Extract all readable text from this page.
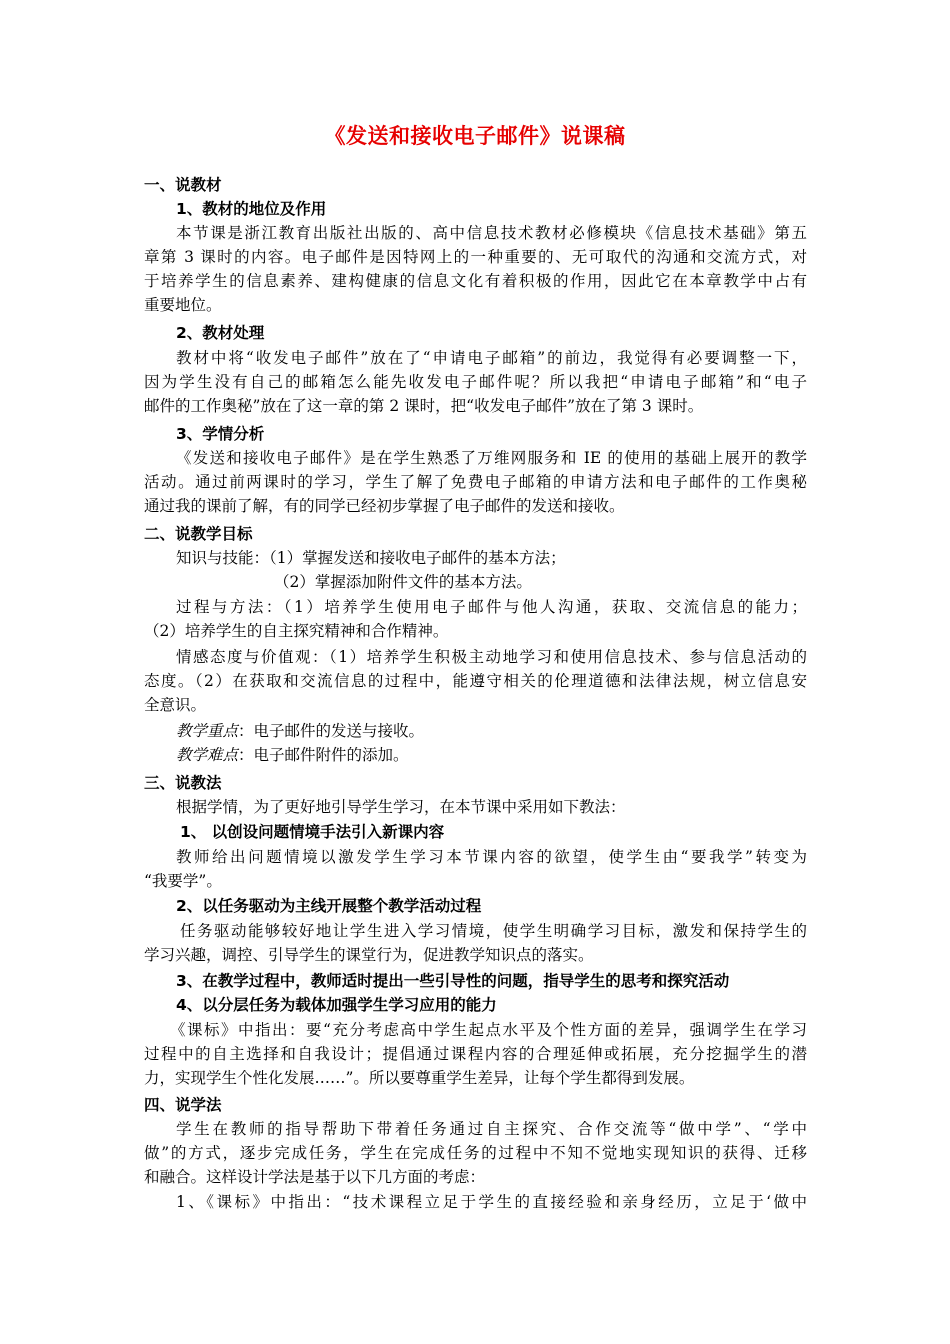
《发送和接收电子邮件》说课稿
一、说教材
1、教材的地位及作用
本节课是浙江教育出版社出版的、高中信息技术教材必修模块《信息技术基础》第五
章第 3 课时的内容。电子邮件是因特网上的一种重要的、无可取代的沟通和交流方式，对
于培养学生的信息素养、建构健康的信息文化有着积极的作用，因此它在本章教学中占有
重要地位。
2、教材处理
教材中将“收发电子邮件”放在了“申请电子邮箱”的前边，我觉得有必要调整一下，
因为学生没有自己的邮箱怎么能先收发电子邮件呢？所以我把“申请电子邮箱”和“电子
邮件的工作奥秘”放在了这一章的第 2 课时，把“收发电子邮件”放在了第 3 课时。
3、学情分析
《发送和接收电子邮件》是在学生熟悉了万维网服务和 IE 的使用的基础上展开的教学
活动。通过前两课时的学习，学生了解了免费电子邮箱的申请方法和电子邮件的工作奥秘
通过我的课前了解，有的同学已经初步掌握了电子邮件的发送和接收。
二、说教学目标
知识与技能：（1）掌握发送和接收电子邮件的基本方法；
（2）掌握添加附件文件的基本方法。
过程与方法：（1）培养学生使用电子邮件与他人沟通，获取、交流信息的能力；
（2）培养学生的自主探究精神和合作精神。
情感态度与价值观：（1）培养学生积极主动地学习和使用信息技术、参与信息活动的
态度。（2）在获取和交流信息的过程中，能遵守相关的伦理道德和法律法规，树立信息安
全意识。
教学重点：电子邮件的发送与接收。
教学难点：电子邮件附件的添加。
三、说教法
根据学情，为了更好地引导学生学习，在本节课中采用如下教法：
1、 以创设问题情境手法引入新课内容
教师给出问题情境以激发学生学习本节课内容的欲望，使学生由“要我学”转变为
“我要学”。
2、以任务驱动为主线开展整个教学活动过程
任务驱动能够较好地让学生进入学习情境，使学生明确学习目标，激发和保持学生的
学习兴趣，调控、引导学生的课堂行为，促进教学知识点的落实。
3、在教学过程中，教师适时提出一些引导性的问题，指导学生的思考和探究活动
4、以分层任务为载体加强学生学习应用的能力
《课标》中指出：要“充分考虑高中学生起点水平及个性方面的差异，强调学生在学习
过程中的自主选择和自我设计；提倡通过课程内容的合理延伸或拓展，充分挖掘学生的潜
力，实现学生个性化发展……”。所以要尊重学生差异，让每个学生都得到发展。
四、说学法
学生在教师的指导帮助下带着任务通过自主探究、合作交流等“做中学”、“学中
做”的方式，逐步完成任务，学生在完成任务的过程中不知不觉地实现知识的获得、迁移
和融合。这样设计学法是基于以下几方面的考虑：
1、《课标》中指出：“技术课程立足于学生的直接经验和亲身经历，立足于‘做中
